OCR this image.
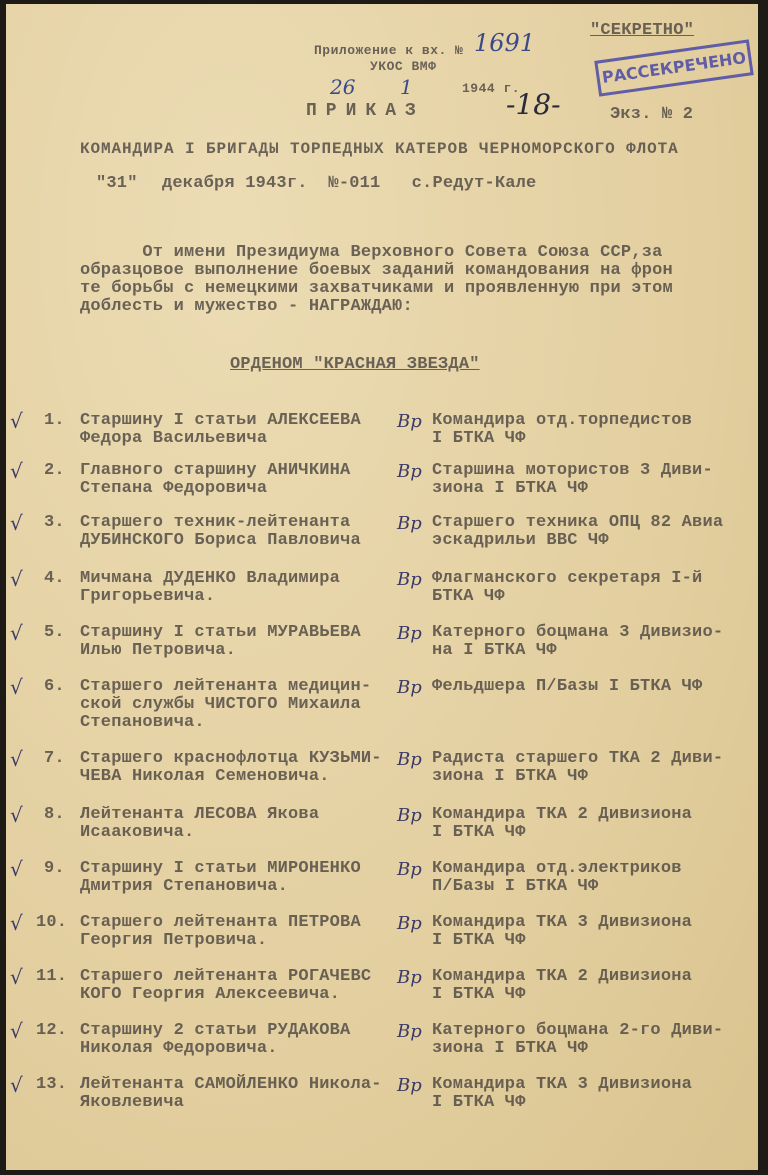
Приложение к вх. № 1691
УКОС ВМФ
26 1	1944 г.
"СЕКРЕТНО"
РАССЕКРЕЧЕНО
Экз. № 2
-18-
ПРИКАЗ
КОМАНДИРА I БРИГАДЫ ТОРПЕДНЫХ КАТЕРОВ ЧЕРНОМОРСКОГО ФЛОТА
"31" декабря 1943г.  №-011   с.Редут-Кале
От имени Президиума Верховного Совета Союза ССР,за
образцовое выполнение боевых заданий командования на фрон
те борьбы с немецкими захватчиками и проявленную при этом
доблесть и мужество - НАГРАЖДАЮ:
ОРДЕНОМ "КРАСНАЯ ЗВЕЗДА"
√ 1. Старшину I статьи АЛЕКСЕЕВА
Федора Васильевича
Вр Командира отд.торпедистов
I БТКА ЧФ
√ 2. Главного старшину АНИЧКИНА
Степана Федоровича
Вр Старшина мотористов 3 Диви-
зиона I БТКА ЧФ
√ 3. Старшего техник-лейтенанта
ДУБИНСКОГО Бориса Павловича
Вр Старшего техника ОПЦ 82 Авиа
эскадрильи ВВС ЧФ
√ 4. Мичмана ДУДЕНКО Владимира
Григорьевича.
Вр Флагманского секретаря I-й
БТКА ЧФ
√ 5. Старшину I статьи МУРАВЬЕВА
Илью Петровича.
Вр Катерного боцмана 3 Дивизио-
на I БТКА ЧФ
√ 6. Старшего лейтенанта медицин-
ской службы ЧИСТОГО Михаила
Степановича.
Вр Фельдшера П/Базы I БТКА ЧФ
√ 7. Старшего краснофлотца КУЗЬМИ-
ЧЕВА Николая Семеновича.
Вр Радиста старшего ТКА 2 Диви-
зиона I БТКА ЧФ
√ 8. Лейтенанта ЛЕСОВА Якова
Исааковича.
Вр Командира ТКА 2 Дивизиона
I БТКА ЧФ
√ 9. Старшину I статьи МИРОНЕНКО
Дмитрия Степановича.
Вр Командира отд.электриков
П/Базы I БТКА ЧФ
√ 10. Старшего лейтенанта ПЕТРОВА
Георгия Петровича.
Вр Командира ТКА 3 Дивизиона
I БТКА ЧФ
√ 11. Старшего лейтенанта РОГАЧЕВС
КОГО Георгия Алексеевича.
Вр Командира ТКА 2 Дивизиона
I БТКА ЧФ
√ 12. Старшину 2 статьи РУДАКОВА
Николая Федоровича.
Вр Катерного боцмана 2-го Диви-
зиона I БТКА ЧФ
√ 13. Лейтенанта САМОЙЛЕНКО Никола-
Яковлевича
Вр Командира ТКА 3 Дивизиона
I БТКА ЧФ
